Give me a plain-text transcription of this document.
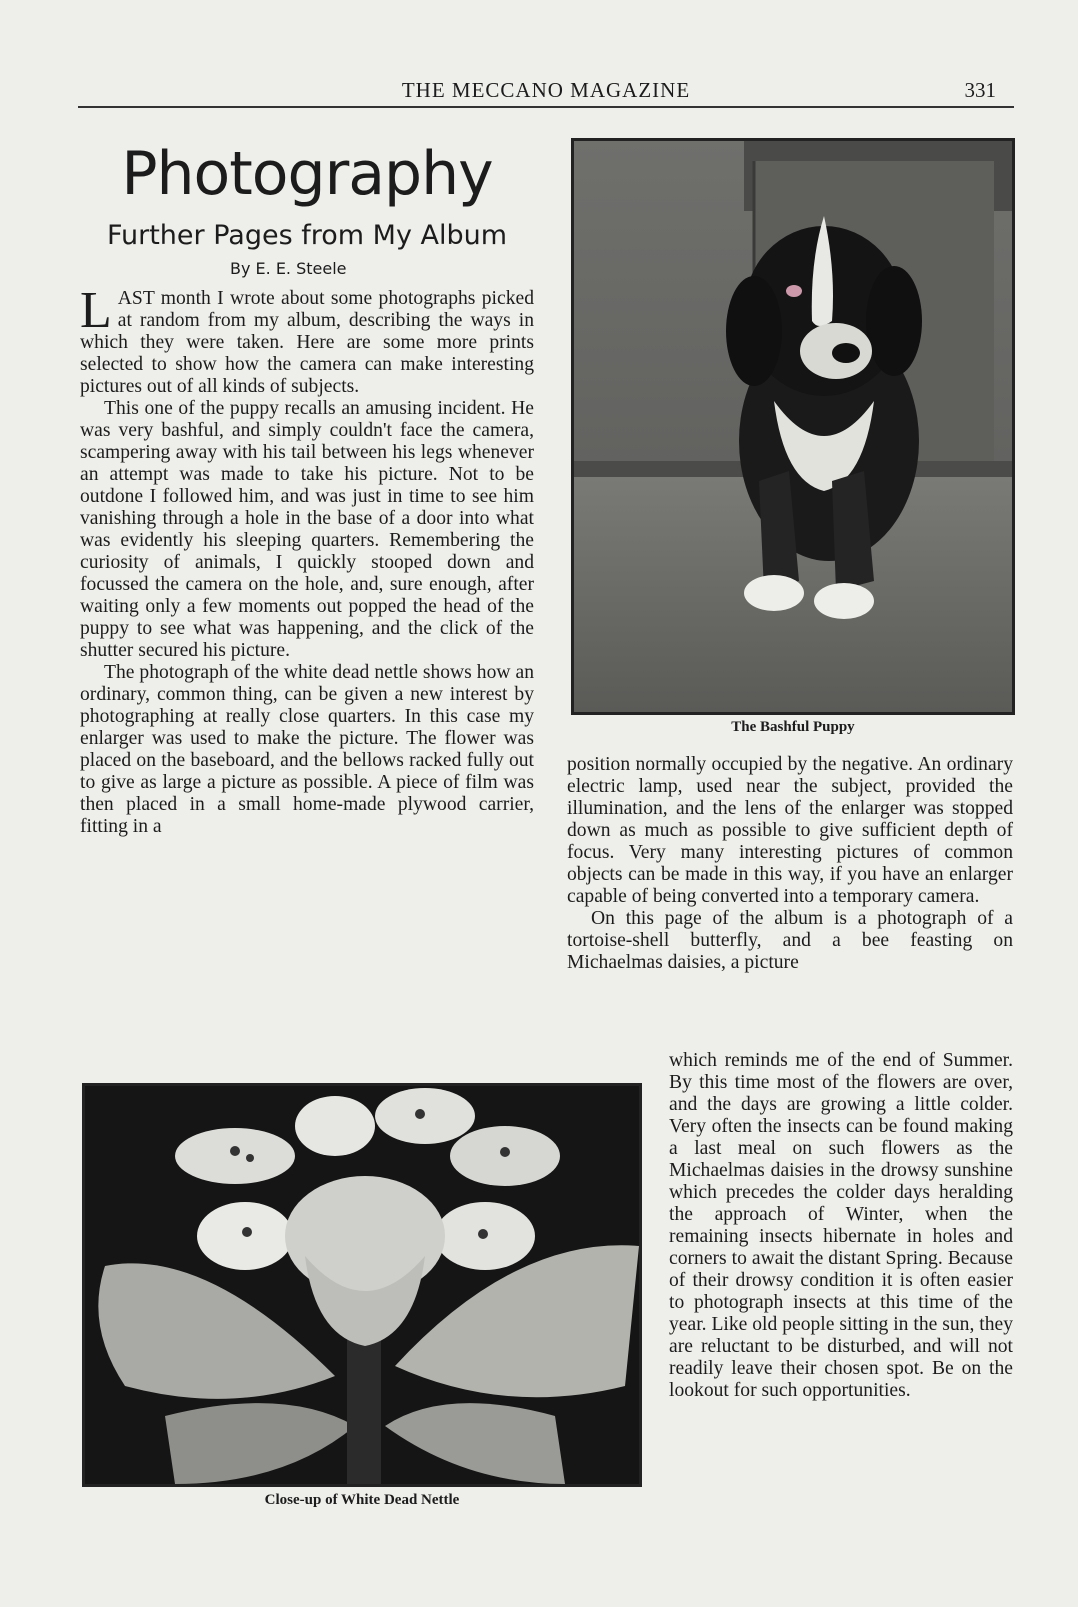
THE MECCANO MAGAZINE	331
Photography
Further Pages from My Album
By E. E. Steele

LAST month I wrote about some photographs picked at random from my album, describing the ways in which they were taken. Here are some more prints selected to show how the camera can make interesting pictures out of all kinds of subjects.

This one of the puppy recalls an amusing incident. He was very bashful, and simply couldn't face the camera, scampering away with his tail between his legs whenever an attempt was made to take his picture. Not to be outdone I followed him, and was just in time to see him vanishing through a hole in the base of a door into what was evidently his sleeping quarters. Remembering the curiosity of animals, I quickly stooped down and focussed the camera on the hole, and, sure enough, after waiting only a few moments out popped the head of the puppy to see what was happening, and the click of the shutter secured his picture.

The photograph of the white dead nettle shows how an ordinary, common thing, can be given a new interest by photographing at really close quarters. In this case my enlarger was used to make the picture. The flower was placed on the baseboard, and the bellows racked fully out to give as large a picture as possible. A piece of film was then placed in a small home-made plywood carrier, fitting in a

The Bashful Puppy

position normally occupied by the negative. An ordinary electric lamp, used near the subject, provided the illumination, and the lens of the enlarger was stopped down as much as possible to give sufficient depth of focus. Very many interesting pictures of common objects can be made in this way, if you have an enlarger capable of being converted into a temporary camera.

On this page of the album is a photograph of a tortoise-shell butterfly, and a bee feasting on Michaelmas daisies, a picture

which reminds me of the end of Summer. By this time most of the flowers are over, and the days are growing a little colder. Very often the insects can be found making a last meal on such flowers as the Michaelmas daisies in the drowsy sunshine which precedes the colder days heralding the approach of Winter, when the remaining insects hibernate in holes and corners to await the distant Spring. Because of their drowsy condition it is often easier to photograph insects at this time of the year. Like old people sitting in the sun, they are reluctant to be disturbed, and will not readily leave their chosen spot. Be on the lookout for such opportunities.

Close-up of White Dead Nettle
